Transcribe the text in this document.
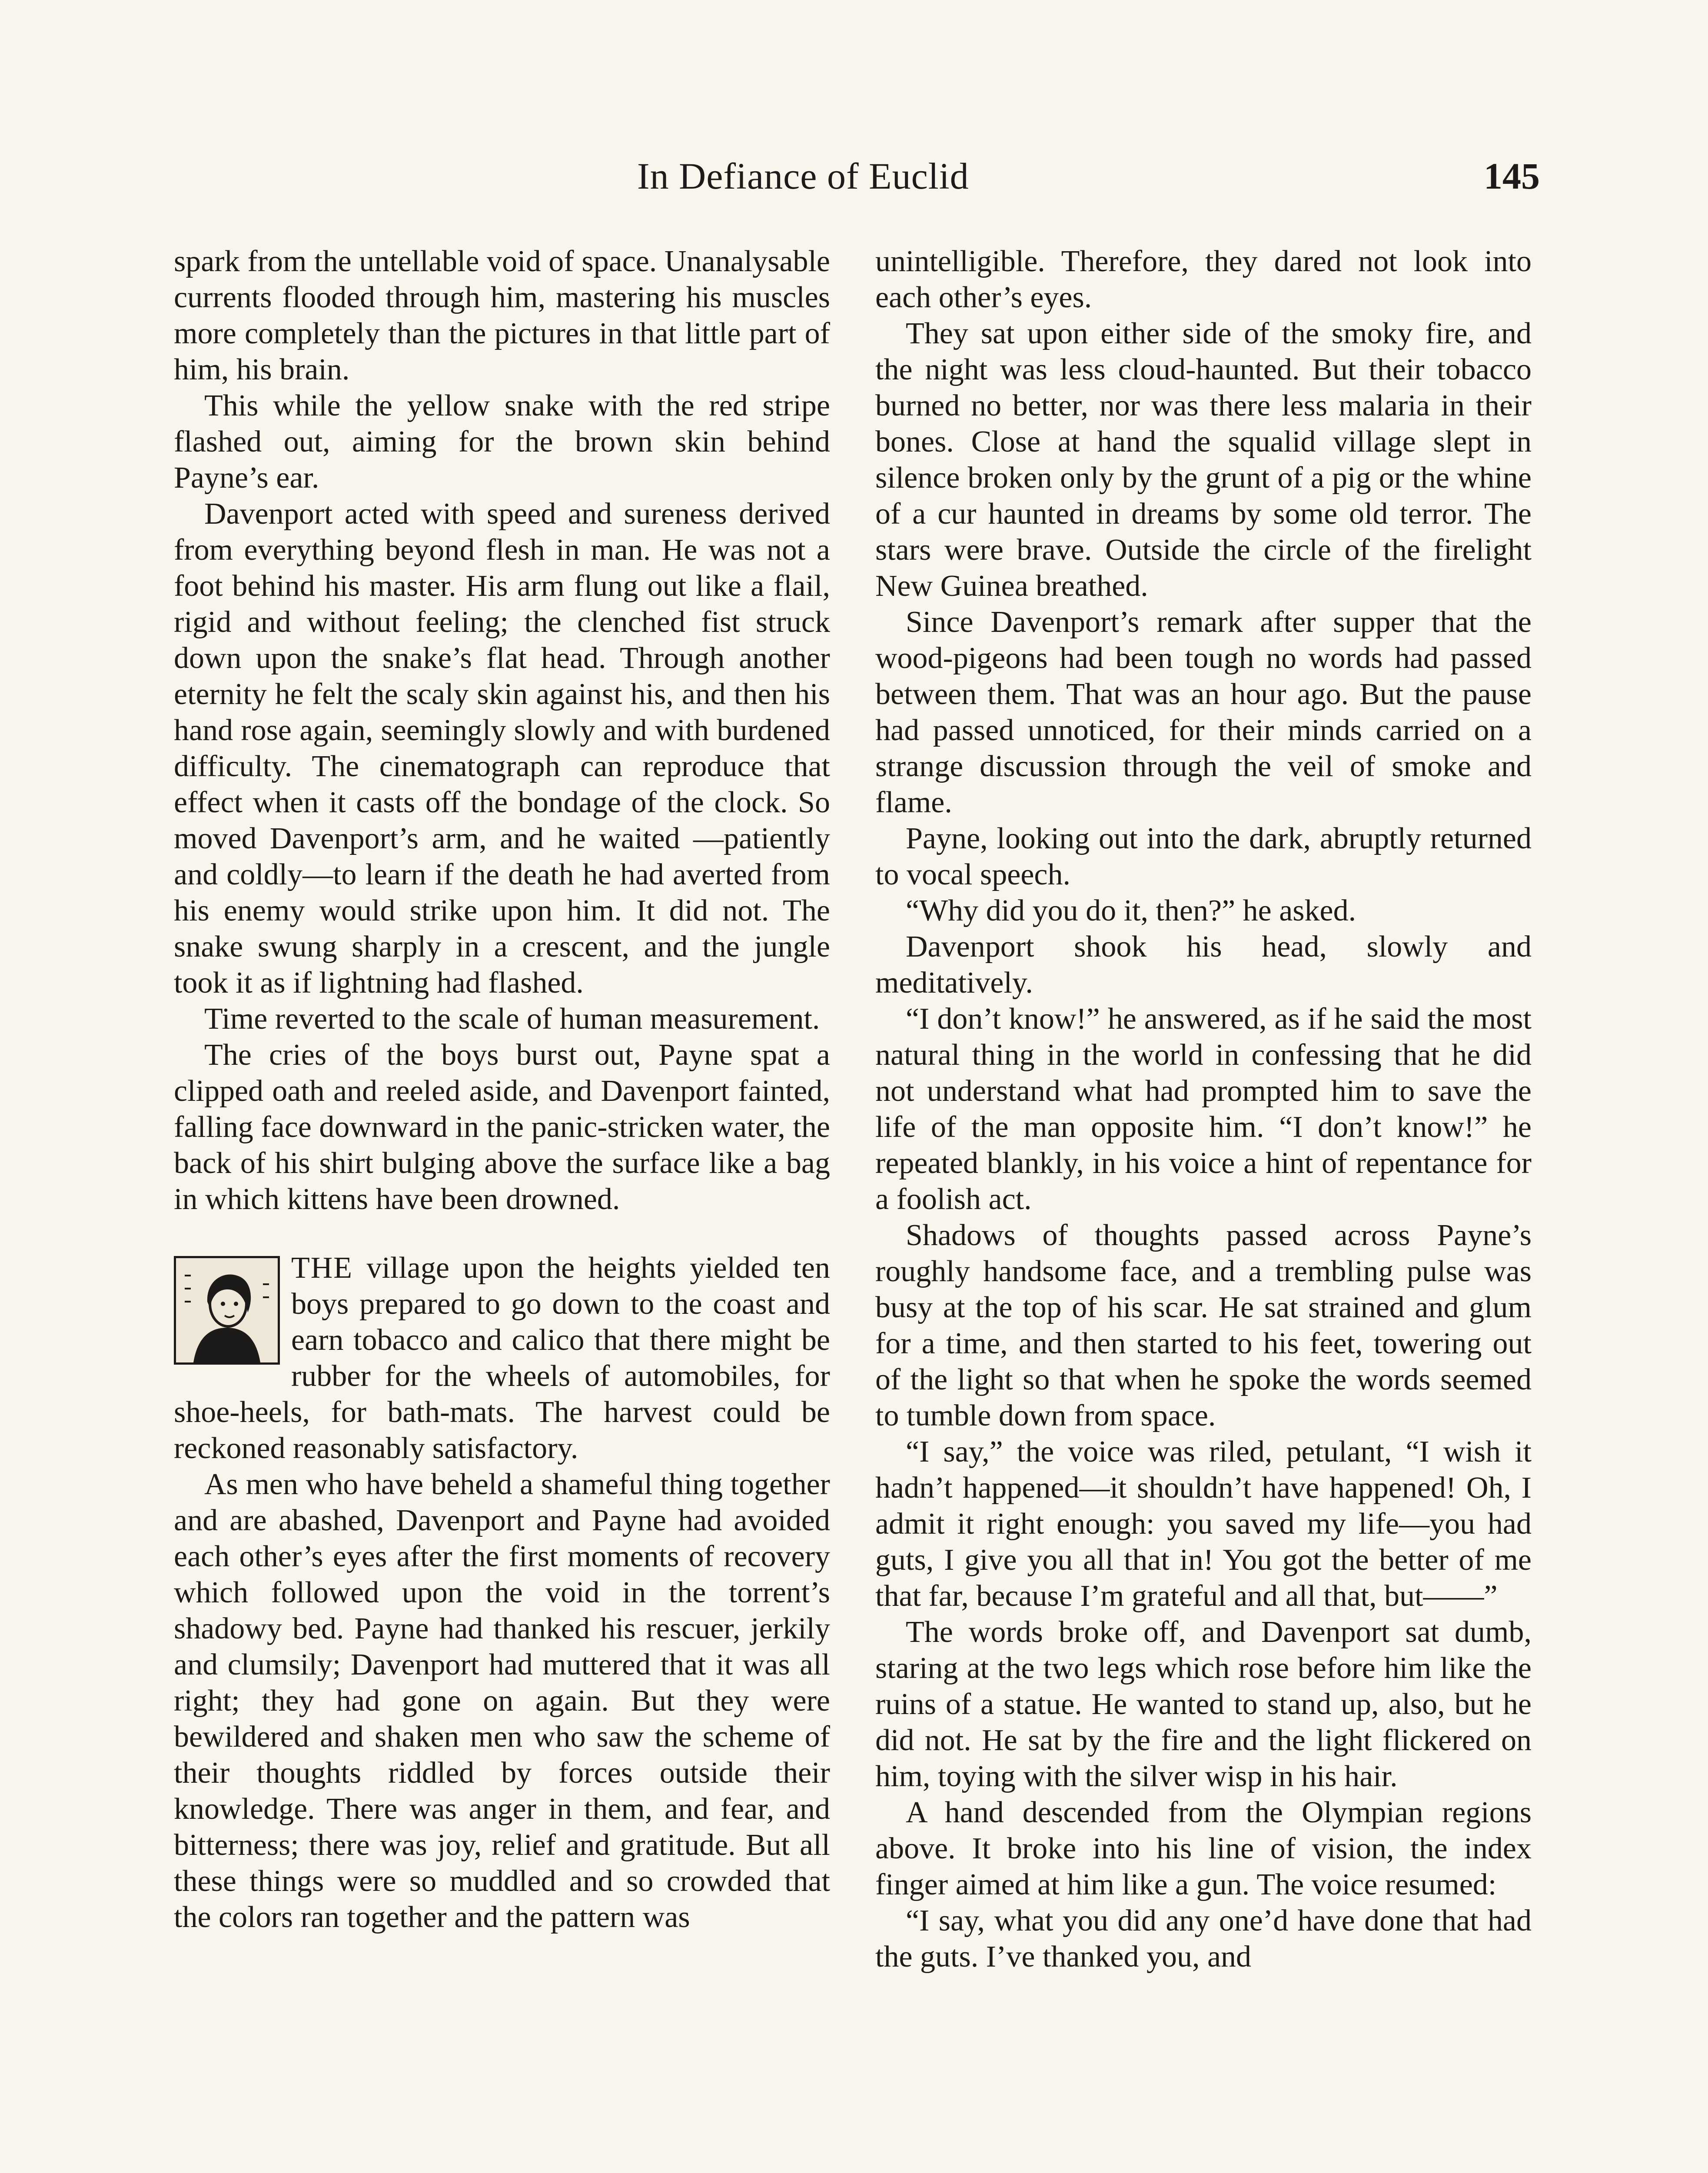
In Defiance of Euclid	145

spark from the untellable void of space. Unanalysable currents flooded through him, mastering his muscles more completely than the pictures in that little part of him, his brain.

This while the yellow snake with the red stripe flashed out, aiming for the brown skin behind Payne’s ear.

Davenport acted with speed and sureness derived from everything beyond flesh in man. He was not a foot behind his master. His arm flung out like a flail, rigid and without feeling; the clenched fist struck down upon the snake’s flat head. Through another eternity he felt the scaly skin against his, and then his hand rose again, seemingly slowly and with burdened difficulty. The cinematograph can reproduce that effect when it casts off the bondage of the clock. So moved Davenport’s arm, and he waited —patiently and coldly—to learn if the death he had averted from his enemy would strike upon him. It did not. The snake swung sharply in a crescent, and the jungle took it as if lightning had flashed.

Time reverted to the scale of human measurement.

The cries of the boys burst out, Payne spat a clipped oath and reeled aside, and Davenport fainted, falling face downward in the panic-stricken water, the back of his shirt bulging above the surface like a bag in which kittens have been drowned.

THE village upon the heights yielded ten boys prepared to go down to the coast and earn tobacco and calico that there might be rubber for the wheels of automobiles, for shoe-heels, for bath-mats. The harvest could be reckoned reasonably satisfactory.

As men who have beheld a shameful thing together and are abashed, Davenport and Payne had avoided each other’s eyes after the first moments of recovery which followed upon the void in the torrent’s shadowy bed. Payne had thanked his rescuer, jerkily and clumsily; Davenport had muttered that it was all right; they had gone on again. But they were bewildered and shaken men who saw the scheme of their thoughts riddled by forces outside their knowledge. There was anger in them, and fear, and bitterness; there was joy, relief and gratitude. But all these things were so muddled and so crowded that the colors ran together and the pattern was

unintelligible. Therefore, they dared not look into each other’s eyes.

They sat upon either side of the smoky fire, and the night was less cloud-haunted. But their tobacco burned no better, nor was there less malaria in their bones. Close at hand the squalid village slept in silence broken only by the grunt of a pig or the whine of a cur haunted in dreams by some old terror. The stars were brave. Outside the circle of the firelight New Guinea breathed.

Since Davenport’s remark after supper that the wood-pigeons had been tough no words had passed between them. That was an hour ago. But the pause had passed unnoticed, for their minds carried on a strange discussion through the veil of smoke and flame.

Payne, looking out into the dark, abruptly returned to vocal speech.

“Why did you do it, then?” he asked.

Davenport shook his head, slowly and meditatively.

“I don’t know!” he answered, as if he said the most natural thing in the world in confessing that he did not understand what had prompted him to save the life of the man opposite him. “I don’t know!” he repeated blankly, in his voice a hint of repentance for a foolish act.

Shadows of thoughts passed across Payne’s roughly handsome face, and a trembling pulse was busy at the top of his scar. He sat strained and glum for a time, and then started to his feet, towering out of the light so that when he spoke the words seemed to tumble down from space.

“I say,” the voice was riled, petulant, “I wish it hadn’t happened—it shouldn’t have happened! Oh, I admit it right enough: you saved my life—you had guts, I give you all that in! You got the better of me that far, because I’m grateful and all that, but——”

The words broke off, and Davenport sat dumb, staring at the two legs which rose before him like the ruins of a statue. He wanted to stand up, also, but he did not. He sat by the fire and the light flickered on him, toying with the silver wisp in his hair.

A hand descended from the Olympian regions above. It broke into his line of vision, the index finger aimed at him like a gun. The voice resumed:

“I say, what you did any one’d have done that had the guts. I’ve thanked you, and
